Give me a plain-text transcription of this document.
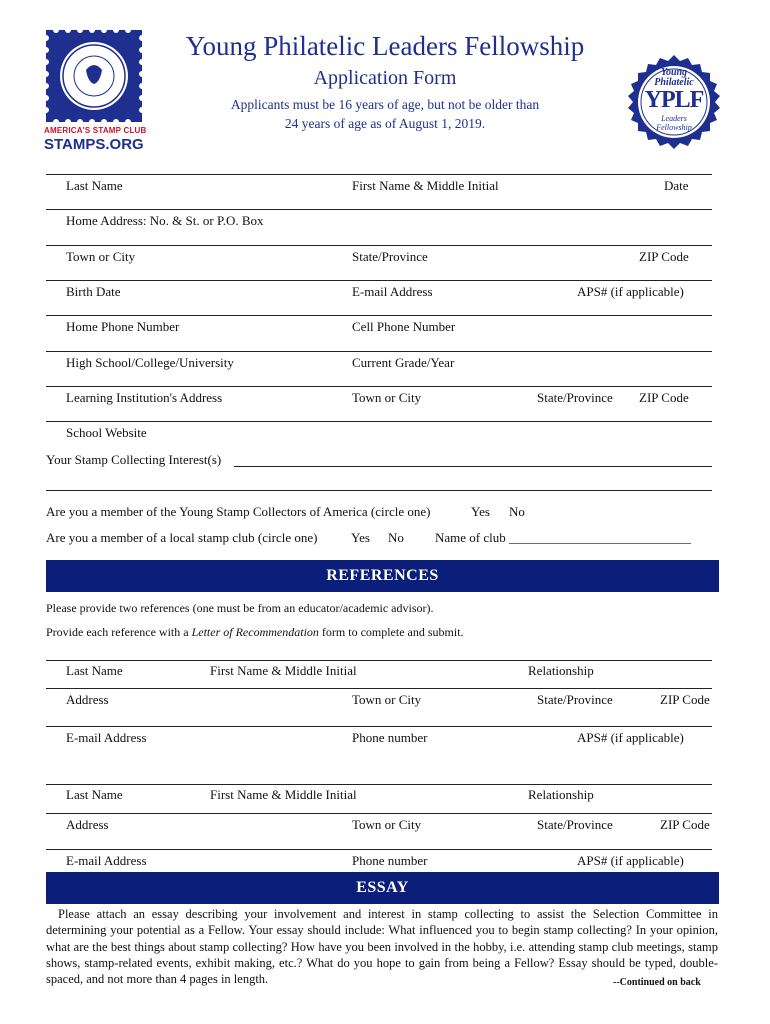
AMERICA'S STAMP CLUB
STAMPS.ORG
Young
Philatelic
YPLF
Leaders
Fellowship
Young Philatelic Leaders Fellowship
Application Form
Applicants must be 16 years of age, but not be older than
24 years of age as of August 1, 2019.
Last Name	First Name & Middle Initial	Date
Home Address: No. & St. or P.O. Box
Town or City	State/Province	ZIP Code
Birth Date	E-mail Address	APS# (if applicable)
Home Phone Number	Cell Phone Number
High School/College/University	Current Grade/Year
Learning Institution's Address	Town or City	State/Province ZIP Code
School Website
Your Stamp Collecting Interest(s)
Are you a member of the Young Stamp Collectors of America (circle one)	Yes No
Are you a member of a local stamp club (circle one)	Yes No Name of club ____________________________
REFERENCES
Please provide two references (one must be from an educator/academic advisor).
Provide each reference with a Letter of Recommendation form to complete and submit.
Last Name	First Name & Middle Initial	Relationship
Address	Town or City	State/Province	ZIP Code
E-mail Address	Phone number	APS# (if applicable)
Last Name	First Name & Middle Initial	Relationship
Address	Town or City	State/Province	ZIP Code
E-mail Address	Phone number	APS# (if applicable)
ESSAY
Please attach an essay describing your involvement and interest in stamp collecting to assist the Selection Committee in determining your potential as a Fellow. Your essay should include: What influenced you to begin stamp collecting? In your opinion, what are the best things about stamp collecting? How have you been involved in the hobby, i.e. attending stamp club meetings, stamp shows, stamp-related events, exhibit making, etc.? What do you hope to gain from being a Fellow? Essay should be typed, double-spaced, and not more than 4 pages in length.	--Continued on back
